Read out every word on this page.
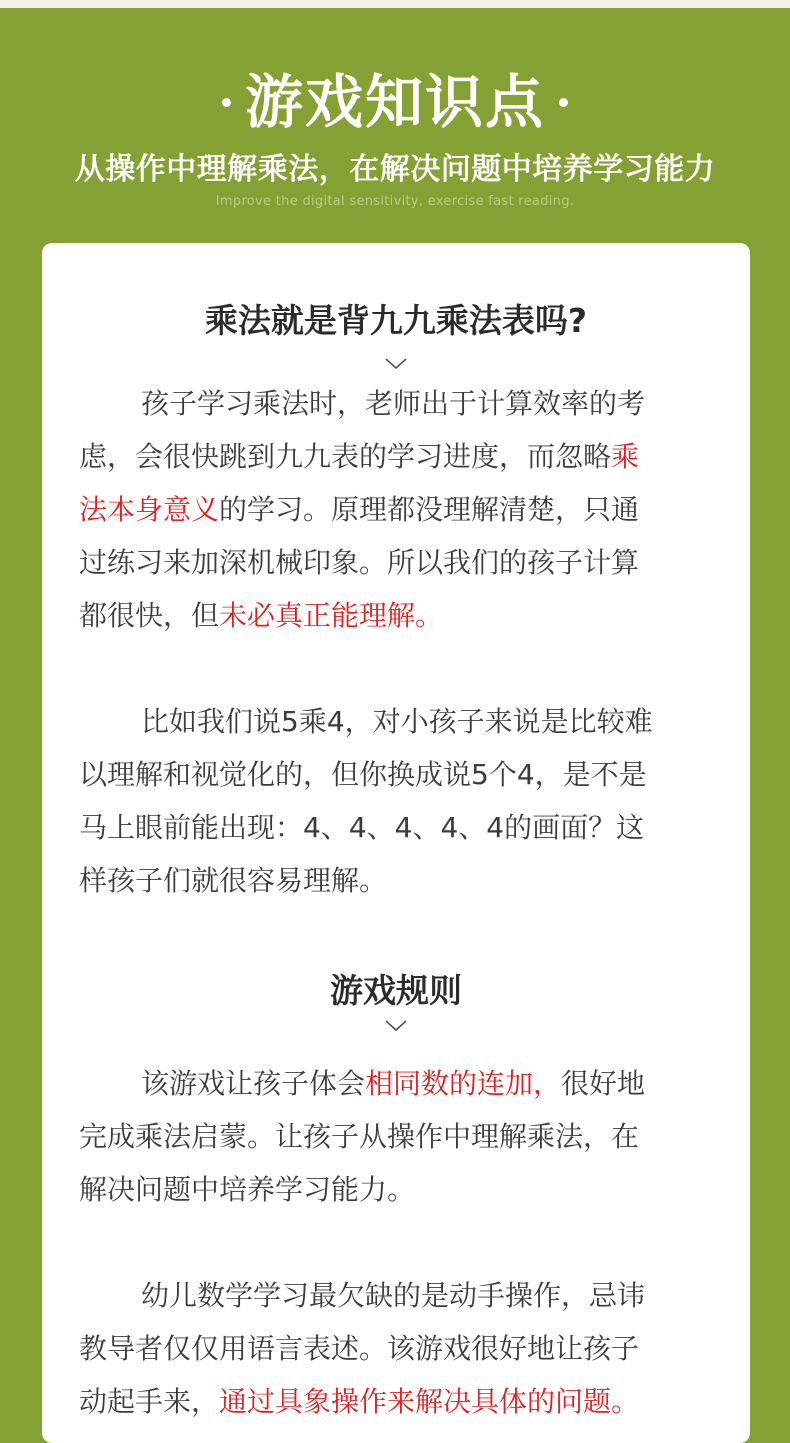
游戏知识点
从操作中理解乘法，在解决问题中培养学习能力
Improve the digital sensitivity, exercise fast reading.
乘法就是背九九乘法表吗?

孩子学习乘法时，老师出于计算效率的考
虑，会很快跳到九九表的学习进度，而忽略乘
法本身意义的学习。原理都没理解清楚，只通
过练习来加深机械印象。所以我们的孩子计算
都很快，但未必真正能理解。

比如我们说5乘4，对小孩子来说是比较难
以理解和视觉化的，但你换成说5个4，是不是
马上眼前能出现：4、4、4、4、4的画面？这
样孩子们就很容易理解。

游戏规则

该游戏让孩子体会相同数的连加，很好地
完成乘法启蒙。让孩子从操作中理解乘法，在
解决问题中培养学习能力。

幼儿数学学习最欠缺的是动手操作，忌讳
教导者仅仅用语言表述。该游戏很好地让孩子
动起手来，通过具象操作来解决具体的问题。
